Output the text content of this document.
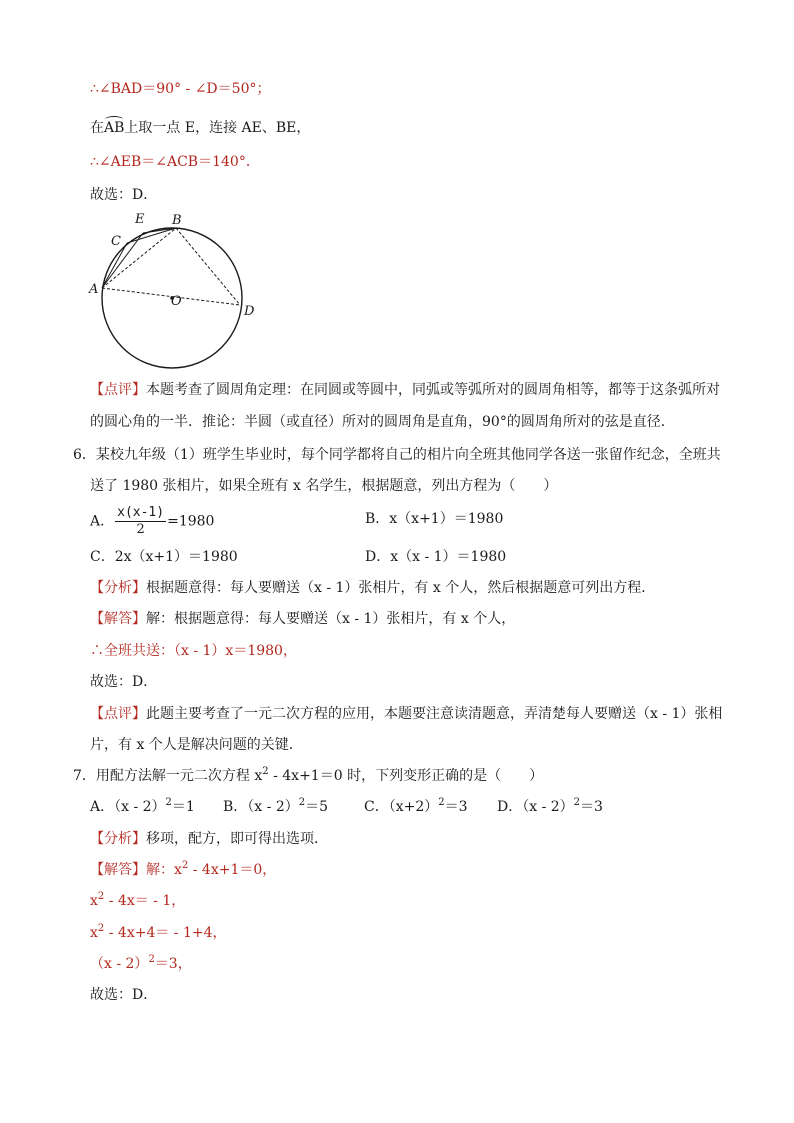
∴∠BAD＝90° - ∠D＝50°；
在AB上取一点 E，连接 AE、BE，
∴∠AEB＝∠ACB＝140°．
故选：D．
A
B
C
D
E
O
【点评】本题考查了圆周角定理：在同圆或等圆中，同弧或等弧所对的圆周角相等，都等于这条弧所对
的圆心角的一半．推论：半圆（或直径）所对的圆周角是直角，90°的圆周角所对的弦是直径．
6．某校九年级（1）班学生毕业时，每个同学都将自己的相片向全班其他同学各送一张留作纪念，全班共
送了 1980 张相片，如果全班有 x 名学生，根据题意，列出方程为（　　）
A． $\frac{x(x-1)}{2} =1980$	B．x（x+1）＝1980
C．2x（x+1）＝1980	D．x（x - 1）＝1980
【分析】根据题意得：每人要赠送（x - 1）张相片，有 x 个人，然后根据题意可列出方程．
【解答】解：根据题意得：每人要赠送（x - 1）张相片，有 x 个人，
∴全班共送：（x - 1）x＝1980，
故选：D．
【点评】此题主要考查了一元二次方程的应用，本题要注意读清题意，弄清楚每人要赠送（x - 1）张相
片，有 x 个人是解决问题的关键．
7．用配方法解一元二次方程 $x^2 - 4x+1=0$ 时，下列变形正确的是（　　）
A．（x - 2）$^2$＝1 B．（x - 2）$^2$＝5	C．$(x+2)^2=3$ D．（x - 2）$^2$＝3
【分析】移项，配方，即可得出选项．
【解答】解：$x^2 - 4x+1=0$，
$x^2 - 4x= - 1$，
$x^2 - 4x+4= - 1+4$，
（x - 2）$^2$＝3，
故选：D．
